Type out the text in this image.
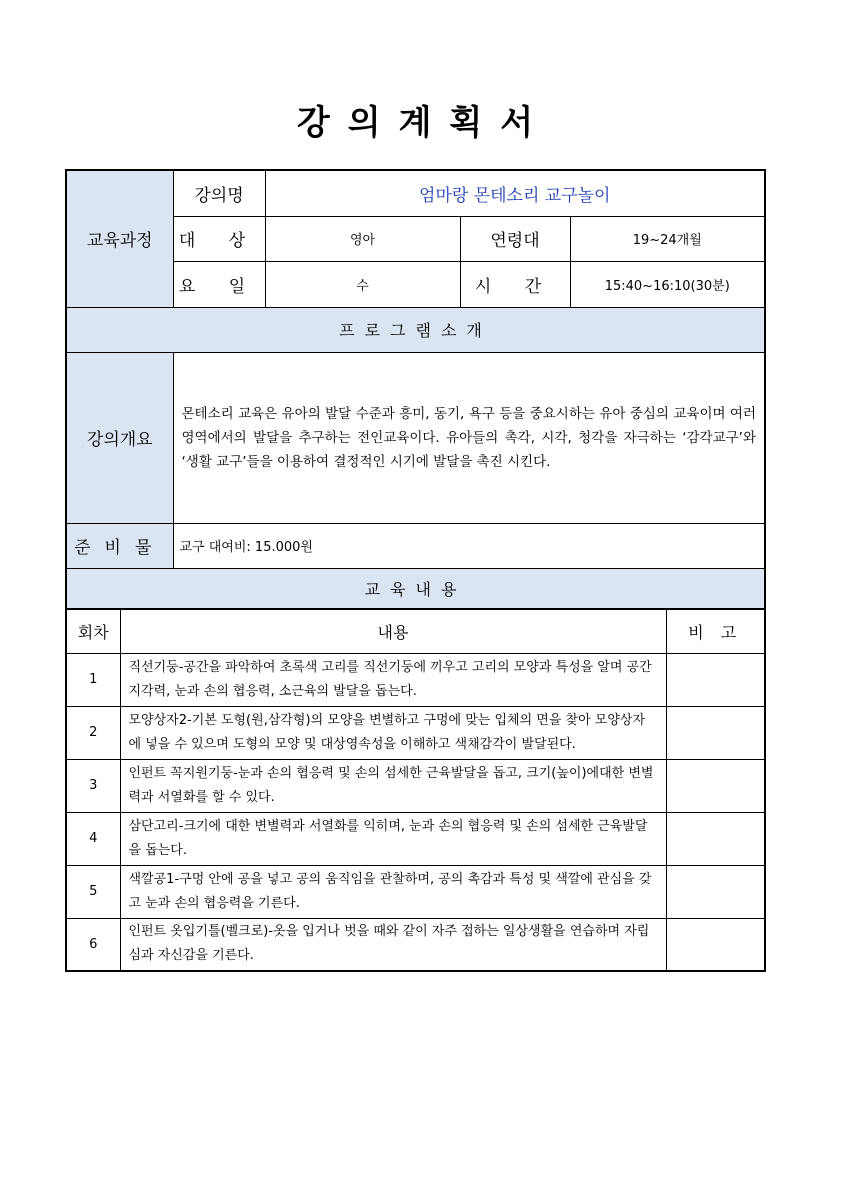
강의계획서
교육과정	강의명	엄마랑 몬테소리 교구놀이		
	대 상	영아	연령대	19~24개월
	요 일	수	시 간	15:40~16:10(30분)
프로그램소개				
강의개요	몬테소리 교육은 유아의 발달 수준과 흥미, 동기, 욕구 등을 중요시하는 유아 중심의 교육이며 여러 영역에서의 발달을 추구하는 전인교육이다. 유아들의 촉각, 시각, 청각을 자극하는 ‘감각교구’와 ‘생활 교구’들을 이용하여 결정적인 시기에 발달을 촉진 시킨다.			
준비물	교구 대여비: 15.000원			
교육내용				
회차	내용	비 고
1	직선기둥-공간을 파악하여 초록색 고리를 직선기둥에 끼우고 고리의 모양과 특성을 알며 공간 지각력, 눈과 손의 협응력, 소근육의 발달을 돕는다.	
2	모양상자2-기본 도형(원,삼각형)의 모양을 변별하고 구멍에 맞는 입체의 면을 찾아 모양상자에 넣을 수 있으며 도형의 모양 및 대상영속성을 이해하고 색채감각이 발달된다.	
3	인펀트 꼭지원기둥-눈과 손의 협응력 및 손의 섬세한 근육발달을 돕고, 크기(높이)에대한 변별력과 서열화를 할 수 있다.	
4	삼단고리-크기에 대한 변별력과 서열화를 익히며, 눈과 손의 협응력 및 손의 섬세한 근육발달을 돕는다.	
5	색깔공1-구멍 안에 공을 넣고 공의 움직임을 관찰하며, 공의 촉감과 특성 및 색깔에 관심을 갖고 눈과 손의 협응력을 기른다.	
6	인펀트 옷입기틀(벨크로)-옷을 입거나 벗을 때와 같이 자주 접하는 일상생활을 연습하며 자립심과 자신감을 기른다.	
